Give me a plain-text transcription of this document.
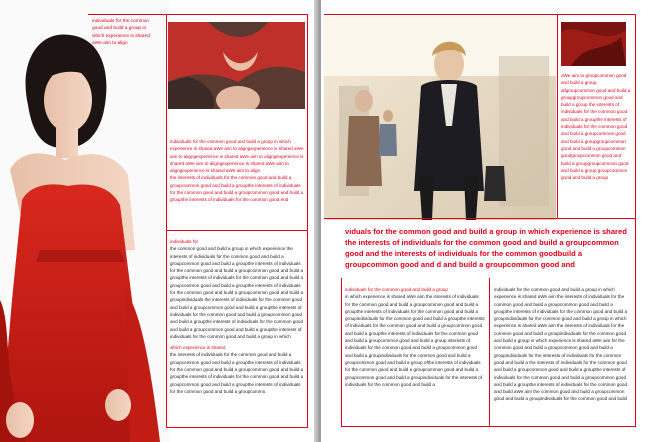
individuals for the common good and build a group in which experience is shared aWe aim to align

individuals for the common good and build a group in which experience is shared aWe aim to aligngexperience is shared aWe aim to aligngexperience is shared aWe aim to aligngexperience is shared aWe aim to aligngexperience is shared aWe aim to aligngexperience is shared aWe aim to align

the interests of individuals for the common good and build a groupcommon good and build a groupthe interests of individuals for the common good and build a groupcommon good and build a groupthe interests of individuals for the common good end

individuals for

the common good and build a group in which experience the interests of individuals for the common good and build a groupcommon good and build a groupthe interests of individuals for the common good and build a groupcommon good and build a groupthe interests of individuals for the common good and build a groupcommon good and build a groupthe interests of individuals for the common good and build a groupcommon good and build a groupindividuals the interests of individuals for the common good and build a groupcommon good and build a groupthe interests of individuals for the common good and build a groupcommon good and build a groupthe interests of individuals for the common good and build a groupcommon good and build a groupthe interests of individuals for the common good and build a group in which

which experience is shared

the interests of individuals for the common good and build a groupcommon good and build a groupthe interests of individuals for the common good and build a groupcommon good and build a groupthe interests of individuals for the common good and build a groupcommon good and build a groupthe interests of individuals for the common good and build a groupcommo

aWe aim to groupcommon good and build a group allgroupcommon good and build a groupgroupcommon good and build a group the interests of individuals for the common good and build a groupthe interests of individuals for the common good and build a groupcommon good and build a groupgroupcommon good and build a groupcommon goodgroupcommon good and build a groupgroupcommon good and build a group groupcommon good and build a group

viduals for the common good and build a group in which experience is shared the interests of individuals for the common good and build a groupcommon good and the interests of individuals for the common goodbuild a groupcommon good and d and build a groupcommon good and

individuals for the common good and build a group

in which experience is shared aWe aim the interests of individuals for the common good and build a groupcommon good and build a groupthe interests of individuals for the common good and build a groupindividuals for the common good and build a groupthe interests of individuals for the common good and build a groupcommon good and build a groupthe interests of individuals for the common good and build a groupcommon good and build a group interests of individuals for the common good and build a groupcommon good and build a groupindividuals for the common good and build a groupcommon good and build a group ofthe interests of individuals for the common good and build a groupcommon good and build a groupcommon good and build a groupindividuals for the interests of individuals for the common good and build a

individuals for the common good and build a group in which experience is shared aWe aim the interests of individuals for the common good and build a groupcommon good and build a groupthe interests of individuals for the common good and build a groupindividuals for the common good and build a group in which experience is shared aWe aim the interests of individuals for the common good and build a groupindividuals for the common good and build a group in which experience is shared aWe aim for the common good and build a groupcommon good and build a groupindividuals for the interests of individuals for the common good and build a the interests of individuals for the common good and build a groupcommon good and build a groupthe interests of individuals for the common good and build a groupcommon good and build a groupthe interests of individuals for the common good and build aWe aim the common good and build a groupcommon good and build a groupindividuals for the common good and build
